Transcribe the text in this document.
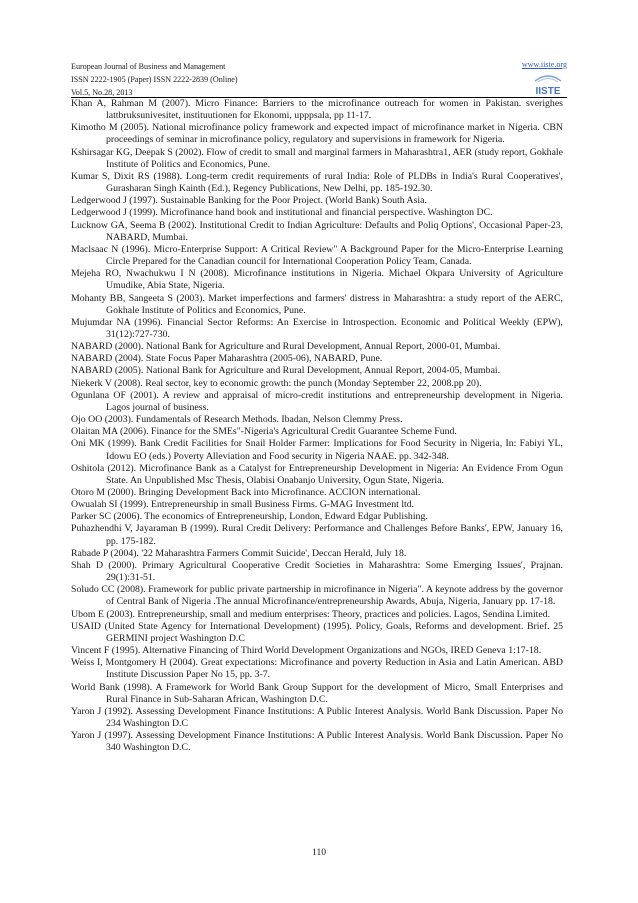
European Journal of Business and Management
ISSN 2222-1905 (Paper) ISSN 2222-2839 (Online)
Vol.5, No.28, 2013
www.iiste.org
IISTE

Khan A, Rahman M (2007). Micro Finance: Barriers to the microfinance outreach for women in Pakistan. sverighes lattbruksunivesitet, instituutionen for Ekonomi, upppsala, pp 11-17.

Kimotho M (2005). National microfinance policy framework and expected impact of microfinance market in Nigeria. CBN proceedings of seminar in microfinance policy, regulatory and supervisions in framework for Nigeria.

Kshirsagar KG, Deepak S (2002). Flow of credit to small and marginal farmers in Maharashtra1, AER (study report, Gokhale Institute of Politics and Economics, Pune.

Kumar S, Dixit RS (1988). Long-term credit requirements of rural India: Role of PLDBs in India's Rural Cooperatives', Gurasharan Singh Kainth (Ed.), Regency Publications, New Delhi, pp. 185-192.30.

Ledgerwood J (1997). Sustainable Banking for the Poor Project. (World Bank) South Asia.

Ledgerwood J (1999). Microfinance hand book and institutional and financial perspective. Washington DC.

Lucknow GA, Seema B (2002). Institutional Credit to Indian Agriculture: Defaults and Poliq Options', Occasional Paper-23, NABARD, Mumbai.

Maclsaac N (1996). Micro-Enterprise Support: A Critical Review" A Background Paper for the Micro-Enterprise Learning Circle Prepared for the Canadian council for International Cooperation Policy Team, Canada.

Mejeha RO, Nwachukwu I N (2008). Microfinance institutions in Nigeria. Michael Okpara University of Agriculture Umudike, Abia State, Nigeria.

Mohanty BB, Sangeeta S (2003). Market imperfections and farmers' distress in Maharashtra: a study report of the AERC, Gokhale Institute of Politics and Economics, Pune.

Mujumdar NA (1996). Financial Sector Reforms: An Exercise in Introspection. Economic and Political Weekly (EPW), 31(12):727-730.

NABARD (2000). National Bank for Agriculture and Rural Development, Annual Report, 2000-01, Mumbai.

NABARD (2004). State Focus Paper Maharashtra (2005-06), NABARD, Pune.

NABARD (2005). National Bank for Agriculture and Rural Development, Annual Report, 2004-05, Mumbai.

Niekerk V (2008). Real sector, key to economic growth: the punch (Monday September 22, 2008.pp 20).

Ogunlana OF (2001). A review and appraisal of micro-credit institutions and entrepreneurship development in Nigeria. Lagos journal of business.

Ojo OO (2003). Fundamentals of Research Methods. Ibadan, Nelson Clemmy Press.

Olaitan MA (2006). Finance for the SMEs"-Nigeria's Agricultural Credit Guarantee Scheme Fund.

Oni MK (1999). Bank Credit Facilities for Snail Holder Farmer: Implications for Food Security in Nigeria, In: Fabiyi YL, Idowu EO (eds.) Poverty Alleviation and Food security in Nigeria NAAE. pp. 342-348.

Oshitola (2012). Microfinance Bank as a Catalyst for Entrepreneurship Development in Nigeria: An Evidence From Ogun State. An Unpublished Msc Thesis, Olabisi Onabanjo University, Ogun State, Nigeria.

Otoro M (2000). Bringing Development Back into Microfinance. ACCION international.

Owualah SI (1999). Entrepreneurship in small Business Firms. G-MAG Investment ltd.

Parker SC (2006). The economics of Entrepreneurship, London, Edward Edgar Publishing.

Puhazhendhi V, Jayaraman B (1999). Rural Credit Delivery: Performance and Challenges Before Banks', EPW, January 16, pp. 175-182.

Rabade P (2004). '22 Maharashtra Farmers Commit Suicide', Deccan Herald, July 18.

Shah D (2000). Primary Agricultural Cooperative Credit Societies in Maharashtra: Some Emerging Issues', Prajnan. 29(1):31-51.

Soludo CC (2008). Framework for public private partnership in microfinance in Nigeria". A keynote address by the governor of Central Bank of Nigeria .The annual Microfinance/entrepreneurship Awards, Abuja, Nigeria, January pp. 17-18.

Ubom E (2003). Entrepreneurship, small and medium enterprises: Theory, practices and policies. Lagos, Sendina Limited.

USAID (United State Agency for International Development) (1995). Policy, Goals, Reforms and development. Brief. 25 GERMINI project Washington D.C

Vincent F (1995). Alternative Financing of Third World Development Organizations and NGOs, IRED Geneva 1:17-18.

Weiss I, Montgomery H (2004). Great expectations: Microfinance and poverty Reduction in Asia and Latin American. ABD Institute Discussion Paper No 15, pp. 3-7.

World Bank (1998). A Framework for World Bank Group Support for the development of Micro, Small Enterprises and Rural Finance in Sub-Saharan African, Washington D.C.

Yaron J (1992). Assessing Development Finance Institutions: A Public Interest Analysis. World Bank Discussion. Paper No 234 Washington D.C

Yaron J (1997). Assessing Development Finance Institutions: A Public Interest Analysis. World Bank Discussion. Paper No 340 Washington D.C.

110
